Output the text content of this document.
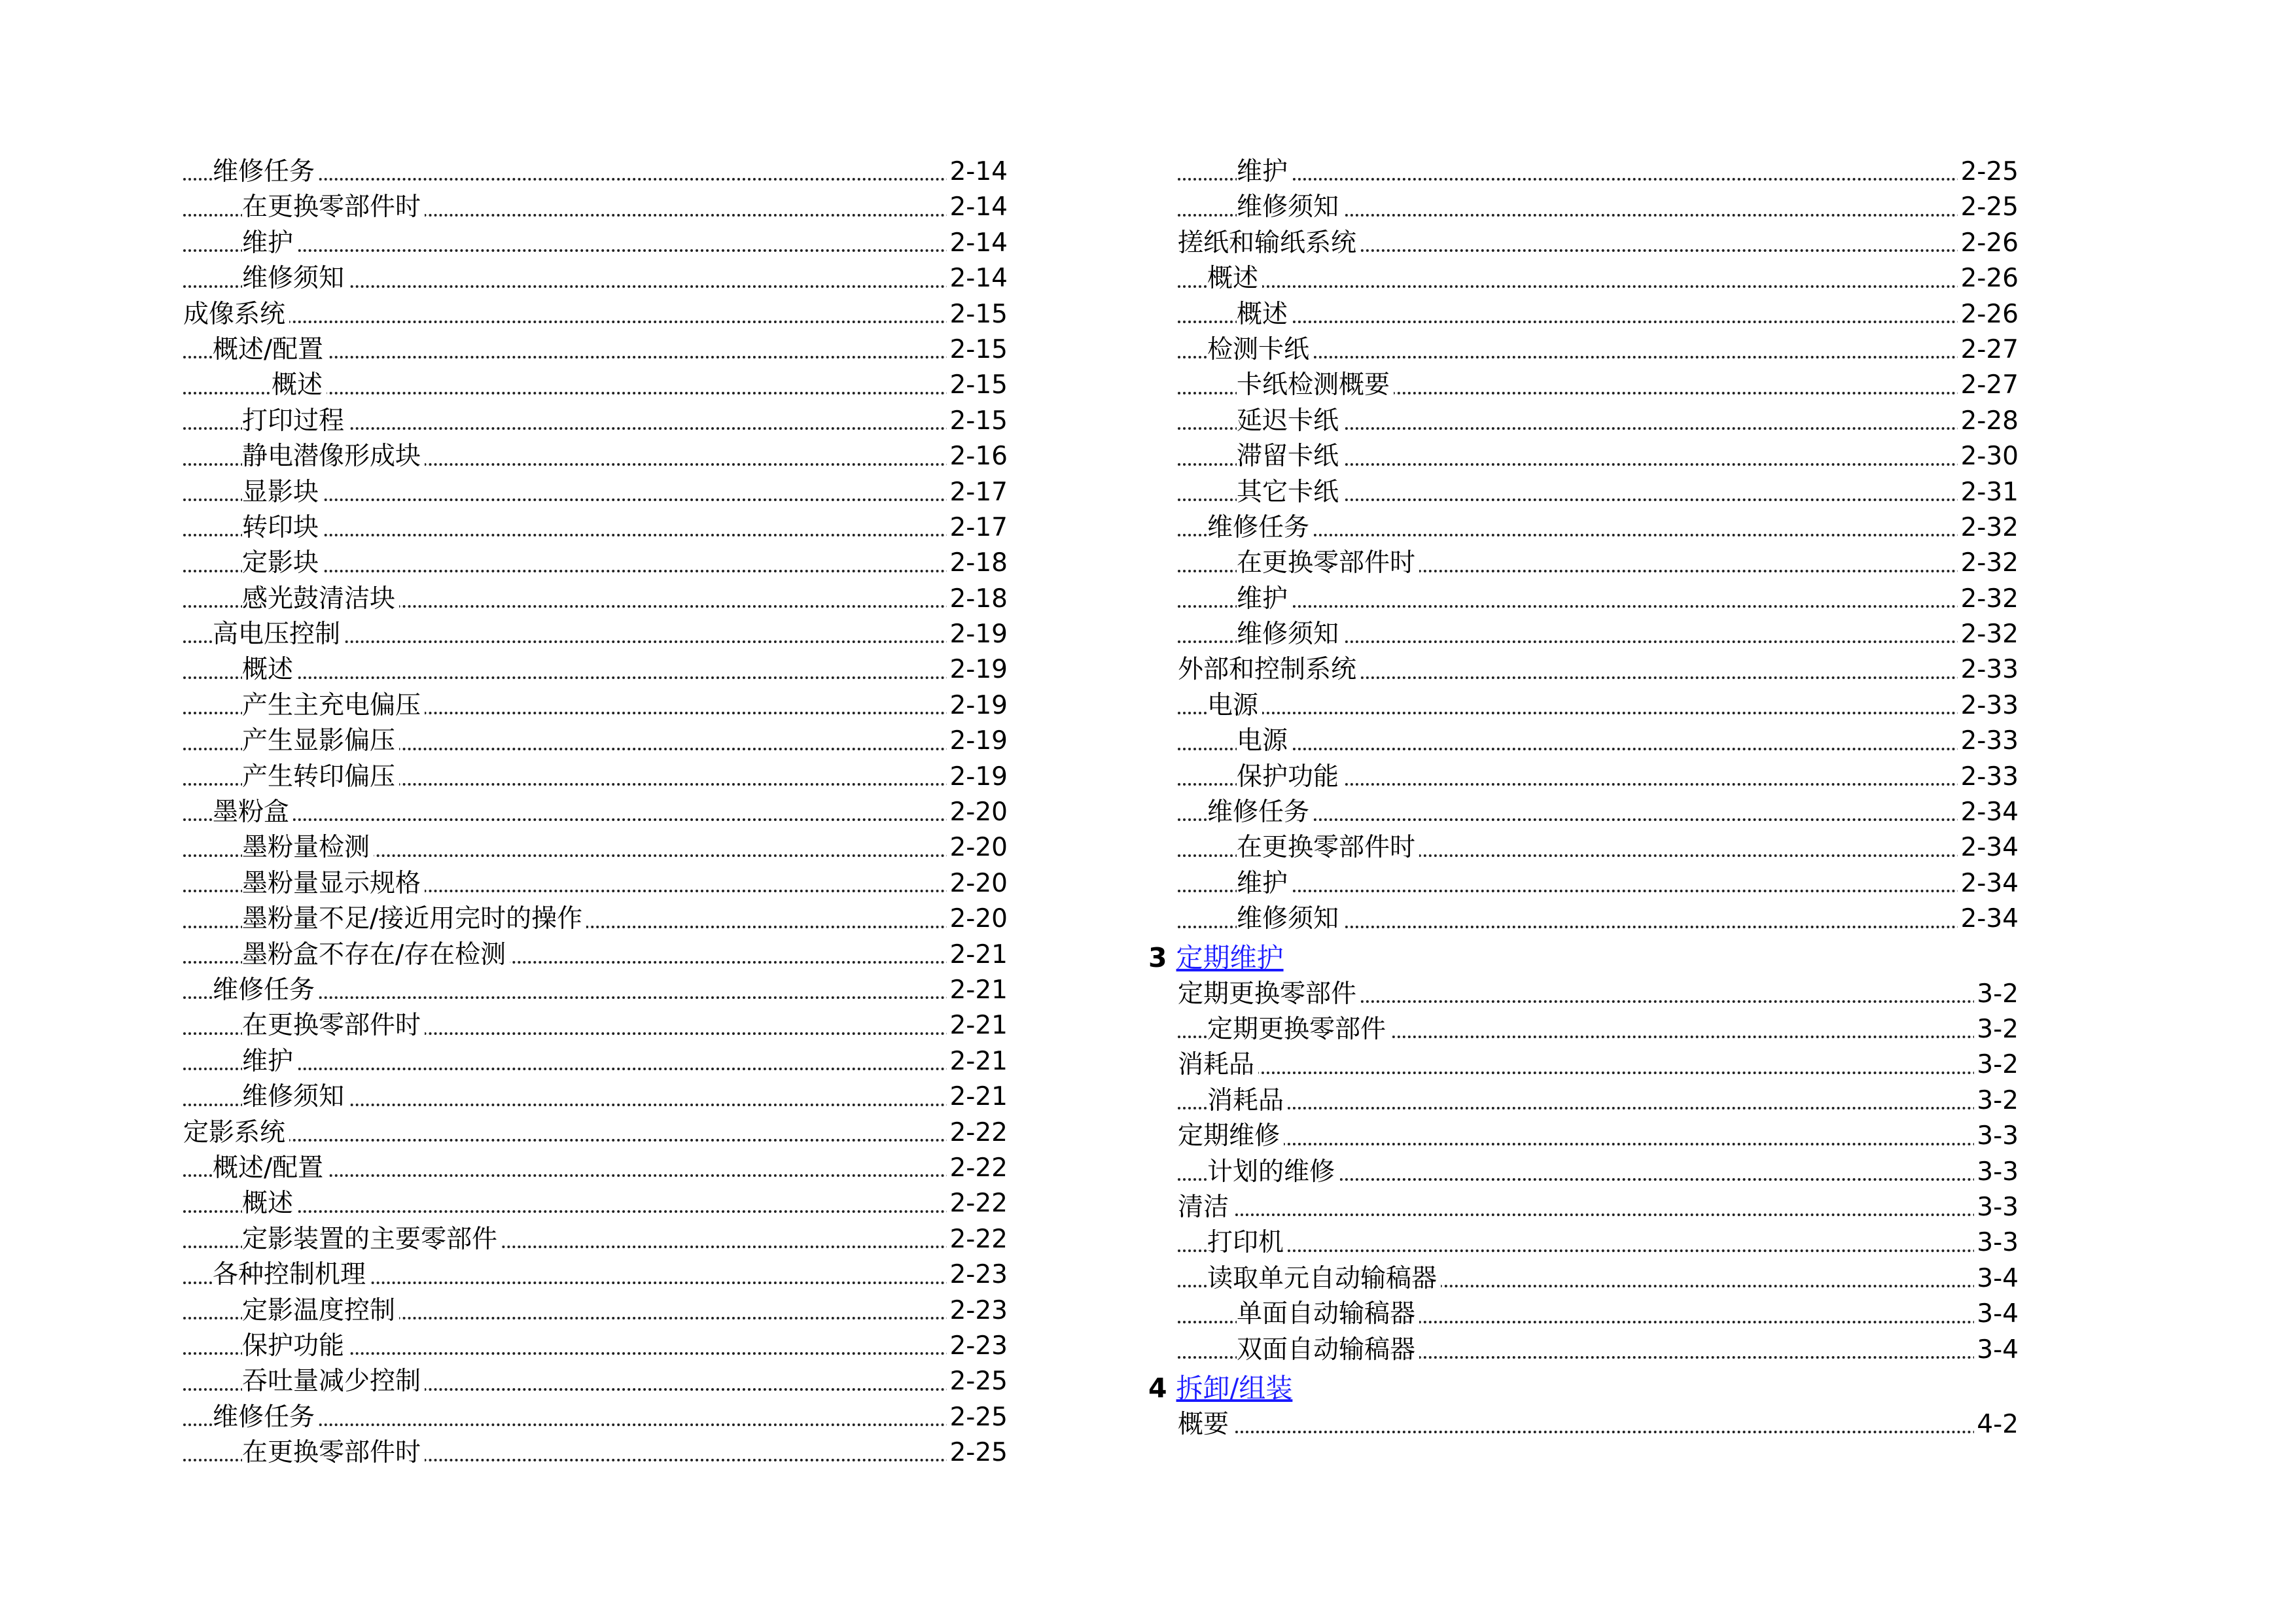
维修任务	2-14
在更换零部件时	2-14
维护	2-14
维修须知	2-14
成像系统	2-15
概述/配置	2-15
概述	2-15
打印过程	2-15
静电潜像形成块	2-16
显影块	2-17
转印块	2-17
定影块	2-18
感光鼓清洁块	2-18
高电压控制	2-19
概述	2-19
产生主充电偏压	2-19
产生显影偏压	2-19
产生转印偏压	2-19
墨粉盒	2-20
墨粉量检测	2-20
墨粉量显示规格	2-20
墨粉量不足/接近用完时的操作	2-20
墨粉盒不存在/存在检测	2-21
维修任务	2-21
在更换零部件时	2-21
维护	2-21
维修须知	2-21
定影系统	2-22
概述/配置	2-22
概述	2-22
定影装置的主要零部件	2-22
各种控制机理	2-23
定影温度控制	2-23
保护功能	2-23
吞吐量减少控制	2-25
维修任务	2-25
在更换零部件时	2-25
维护	2-25
维修须知	2-25
搓纸和输纸系统	2-26
概述	2-26
概述	2-26
检测卡纸	2-27
卡纸检测概要	2-27
延迟卡纸	2-28
滞留卡纸	2-30
其它卡纸	2-31
维修任务	2-32
在更换零部件时	2-32
维护	2-32
维修须知	2-32
外部和控制系统	2-33
电源	2-33
电源	2-33
保护功能	2-33
维修任务	2-34
在更换零部件时	2-34
维护	2-34
维修须知	2-34
3 定期维护
定期更换零部件	3-2
定期更换零部件	3-2
消耗品	3-2
消耗品	3-2
定期维修	3-3
计划的维修	3-3
清洁	3-3
打印机	3-3
读取单元自动输稿器	3-4
单面自动输稿器	3-4
双面自动输稿器	3-4
4 拆卸/组装
概要	4-2
